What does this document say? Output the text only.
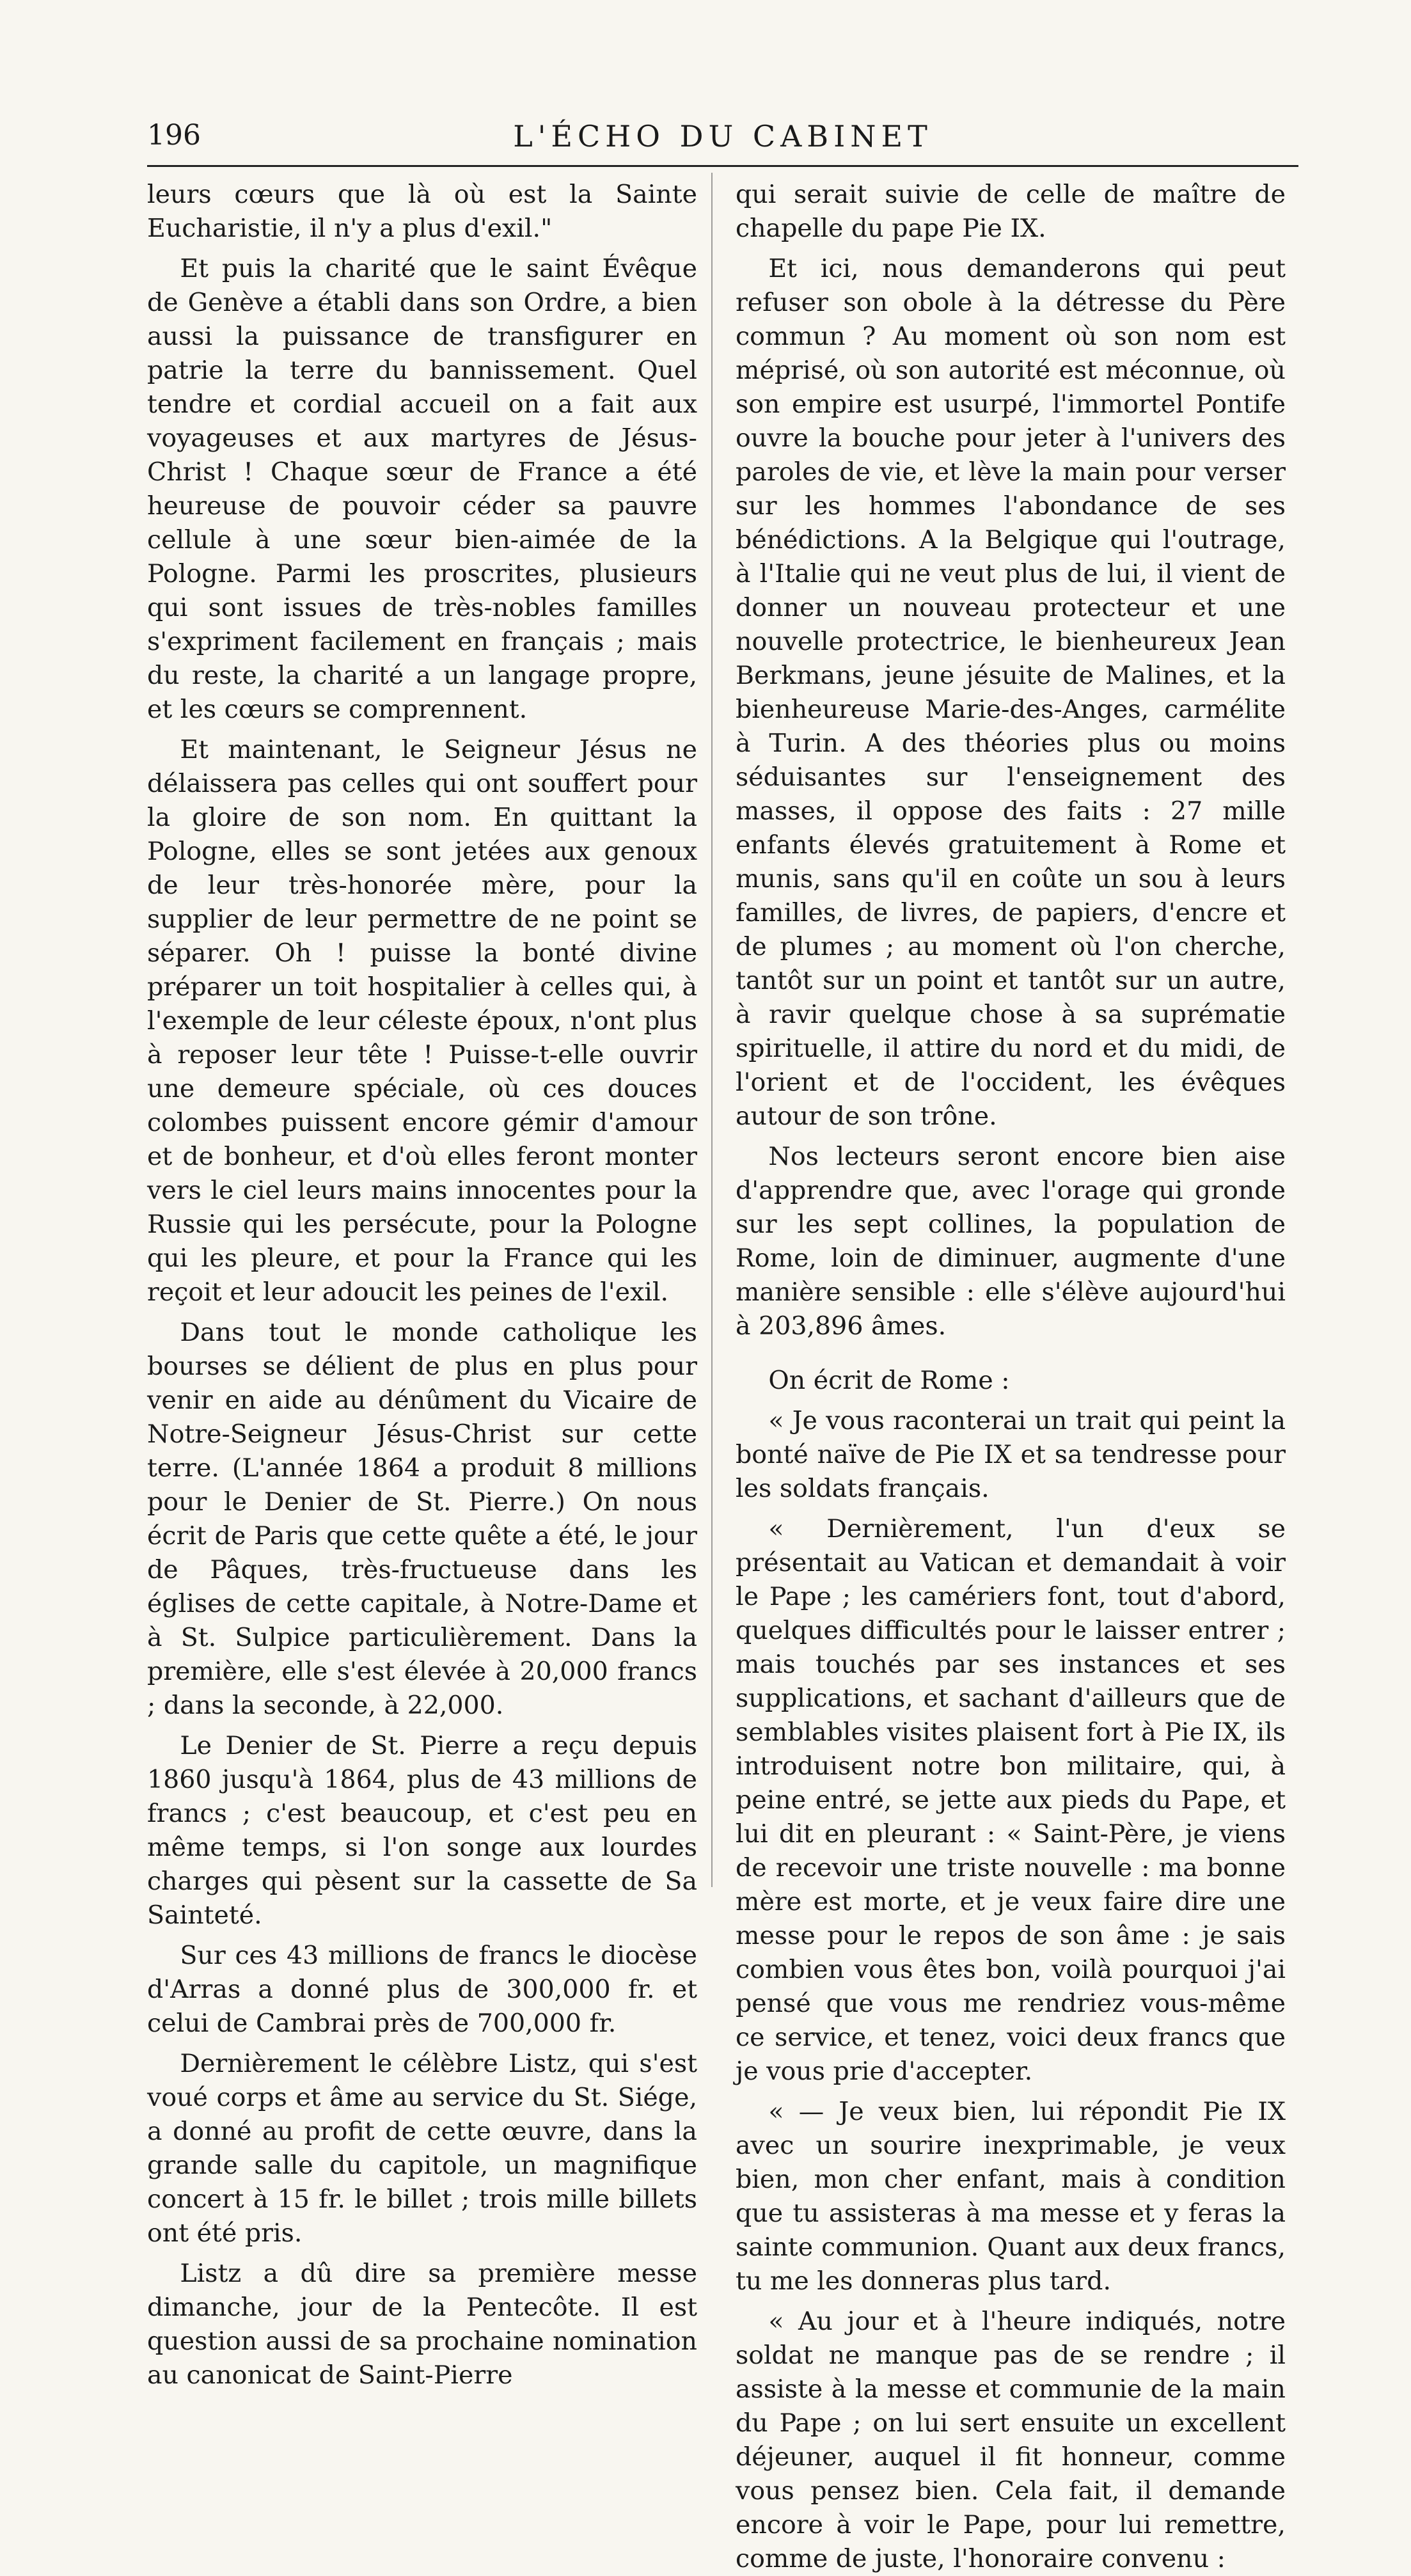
196	L'ÉCHO DU CABINET

leurs cœurs que là où est la Sainte Eucharistie, il n'y a plus d'exil."

Et puis la charité que le saint Évêque de Genève a établi dans son Ordre, a bien aussi la puissance de transfigurer en patrie la terre du bannissement. Quel tendre et cordial accueil on a fait aux voyageuses et aux martyres de Jésus-Christ ! Chaque sœur de France a été heureuse de pouvoir céder sa pauvre cellule à une sœur bien-aimée de la Pologne. Parmi les proscrites, plusieurs qui sont issues de très-nobles familles s'expriment facilement en français ; mais du reste, la charité a un langage propre, et les cœurs se comprennent.

Et maintenant, le Seigneur Jésus ne délaissera pas celles qui ont souffert pour la gloire de son nom. En quittant la Pologne, elles se sont jetées aux genoux de leur très-honorée mère, pour la supplier de leur permettre de ne point se séparer. Oh ! puisse la bonté divine préparer un toit hospitalier à celles qui, à l'exemple de leur céleste époux, n'ont plus à reposer leur tête ! Puisse-t-elle ouvrir une demeure spéciale, où ces douces colombes puissent encore gémir d'amour et de bonheur, et d'où elles feront monter vers le ciel leurs mains innocentes pour la Russie qui les persécute, pour la Pologne qui les pleure, et pour la France qui les reçoit et leur adoucit les peines de l'exil.

Dans tout le monde catholique les bourses se délient de plus en plus pour venir en aide au dénûment du Vicaire de Notre-Seigneur Jésus-Christ sur cette terre. (L'année 1864 a produit 8 millions pour le Denier de St. Pierre.) On nous écrit de Paris que cette quête a été, le jour de Pâques, très-fructueuse dans les églises de cette capitale, à Notre-Dame et à St. Sulpice particulièrement. Dans la première, elle s'est élevée à 20,000 francs ; dans la seconde, à 22,000.

Le Denier de St. Pierre a reçu depuis 1860 jusqu'à 1864, plus de 43 millions de francs ; c'est beaucoup, et c'est peu en même temps, si l'on songe aux lourdes charges qui pèsent sur la cassette de Sa Sainteté.

Sur ces 43 millions de francs le diocèse d'Arras a donné plus de 300,000 fr. et celui de Cambrai près de 700,000 fr.

Dernièrement le célèbre Listz, qui s'est voué corps et âme au service du St. Siége, a donné au profit de cette œuvre, dans la grande salle du capitole, un magnifique concert à 15 fr. le billet ; trois mille billets ont été pris.

Listz a dû dire sa première messe dimanche, jour de la Pentecôte. Il est question aussi de sa prochaine nomination au canonicat de Saint-Pierre

qui serait suivie de celle de maître de chapelle du pape Pie IX.

Et ici, nous demanderons qui peut refuser son obole à la détresse du Père commun ? Au moment où son nom est méprisé, où son autorité est méconnue, où son empire est usurpé, l'immortel Pontife ouvre la bouche pour jeter à l'univers des paroles de vie, et lève la main pour verser sur les hommes l'abondance de ses bénédictions. A la Belgique qui l'outrage, à l'Italie qui ne veut plus de lui, il vient de donner un nouveau protecteur et une nouvelle protectrice, le bienheureux Jean Berkmans, jeune jésuite de Malines, et la bienheureuse Marie-des-Anges, carmélite à Turin. A des théories plus ou moins séduisantes sur l'enseignement des masses, il oppose des faits : 27 mille enfants élevés gratuitement à Rome et munis, sans qu'il en coûte un sou à leurs familles, de livres, de papiers, d'encre et de plumes ; au moment où l'on cherche, tantôt sur un point et tantôt sur un autre, à ravir quelque chose à sa suprématie spirituelle, il attire du nord et du midi, de l'orient et de l'occident, les évêques autour de son trône.

Nos lecteurs seront encore bien aise d'apprendre que, avec l'orage qui gronde sur les sept collines, la population de Rome, loin de diminuer, augmente d'une manière sensible : elle s'élève aujourd'hui à 203,896 âmes.

On écrit de Rome :

« Je vous raconterai un trait qui peint la bonté naïve de Pie IX et sa tendresse pour les soldats français.

« Dernièrement, l'un d'eux se présentait au Vatican et demandait à voir le Pape ; les camériers font, tout d'abord, quelques difficultés pour le laisser entrer ; mais touchés par ses instances et ses supplications, et sachant d'ailleurs que de semblables visites plaisent fort à Pie IX, ils introduisent notre bon militaire, qui, à peine entré, se jette aux pieds du Pape, et lui dit en pleurant : « Saint-Père, je viens de recevoir une triste nouvelle : ma bonne mère est morte, et je veux faire dire une messe pour le repos de son âme : je sais combien vous êtes bon, voilà pourquoi j'ai pensé que vous me rendriez vous-même ce service, et tenez, voici deux francs que je vous prie d'accepter.

« — Je veux bien, lui répondit Pie IX avec un sourire inexprimable, je veux bien, mon cher enfant, mais à condition que tu assisteras à ma messe et y feras la sainte communion. Quant aux deux francs, tu me les donneras plus tard.

« Au jour et à l'heure indiqués, notre soldat ne manque pas de se rendre ; il assiste à la messe et communie de la main du Pape ; on lui sert ensuite un excellent déjeuner, auquel il fit honneur, comme vous pensez bien. Cela fait, il demande encore à voir le Pape, pour lui remettre, comme de juste, l'honoraire convenu :
